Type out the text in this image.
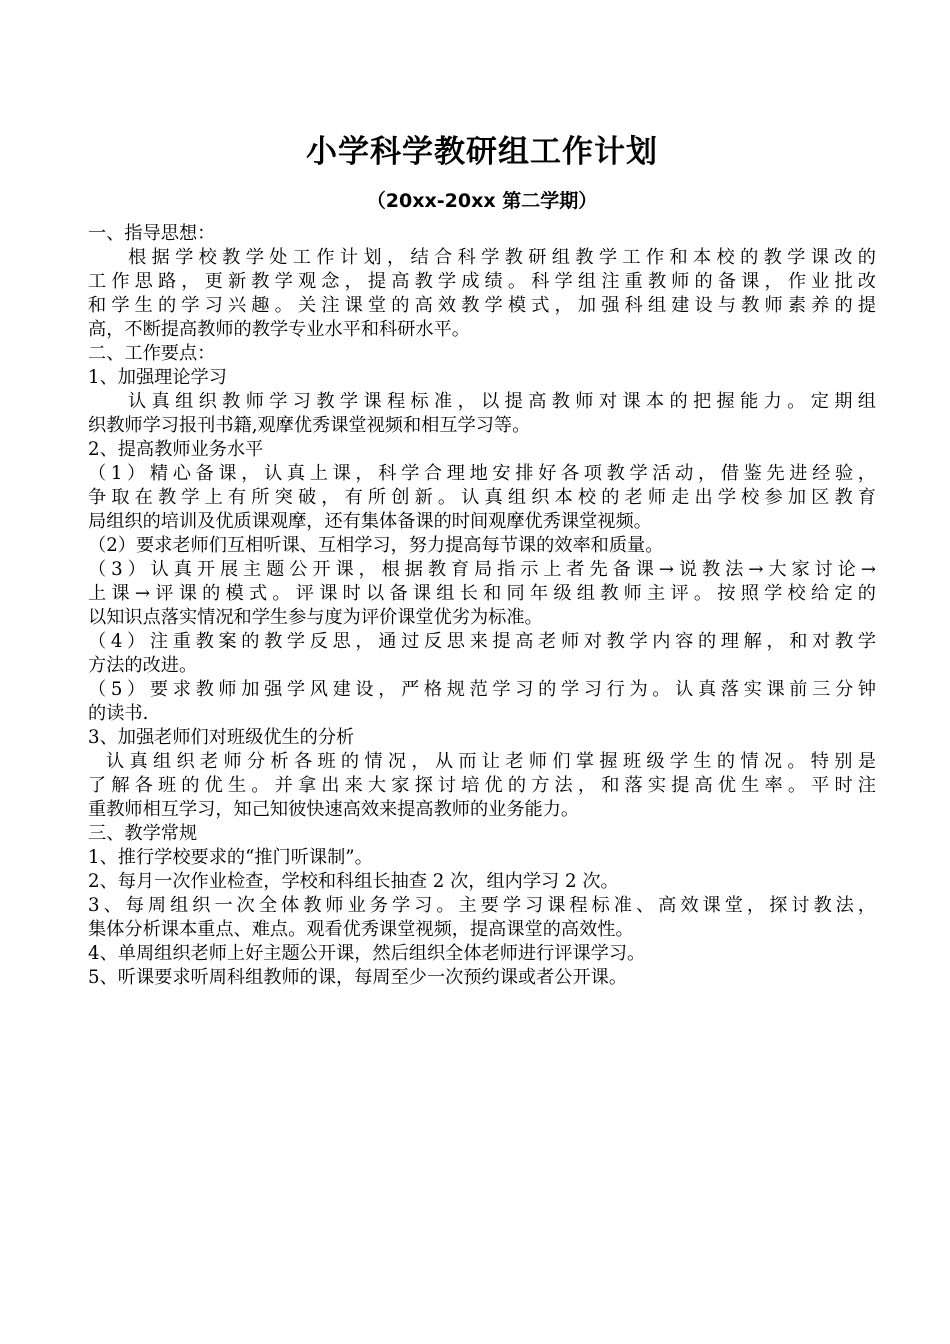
小学科学教研组工作计划
（20xx-20xx 第二学期）
一、指导思想：
根据学校教学处工作计划，结合科学教研组教学工作和本校的教学课改的
工作思路，更新教学观念，提高教学成绩。科学组注重教师的备课，作业批改
和学生的学习兴趣。关注课堂的高效教学模式，加强科组建设与教师素养的提
高，不断提高教师的教学专业水平和科研水平。
二、工作要点：
1、加强理论学习
认真组织教师学习教学课程标准，以提高教师对课本的把握能力。定期组
织教师学习报刊书籍,观摩优秀课堂视频和相互学习等。
2、提高教师业务水平
（1）精心备课，认真上课，科学合理地安排好各项教学活动，借鉴先进经验，
争取在教学上有所突破，有所创新。认真组织本校的老师走出学校参加区教育
局组织的培训及优质课观摩，还有集体备课的时间观摩优秀课堂视频。
（2）要求老师们互相听课、互相学习，努力提高每节课的效率和质量。
（3）认真开展主题公开课，根据教育局指示上者先备课→说教法→大家讨论→
上课→评课的模式。评课时以备课组长和同年级组教师主评。按照学校给定的
以知识点落实情况和学生参与度为评价课堂优劣为标准。
（4）注重教案的教学反思，通过反思来提高老师对教学内容的理解，和对教学
方法的改进。
（5）要求教师加强学风建设，严格规范学习的学习行为。认真落实课前三分钟
的读书.
3、加强老师们对班级优生的分析
认真组织老师分析各班的情况，从而让老师们掌握班级学生的情况。特别是
了解各班的优生。并拿出来大家探讨培优的方法，和落实提高优生率。平时注
重教师相互学习，知己知彼快速高效来提高教师的业务能力。
三、教学常规
1、推行学校要求的“推门听课制”。
2、每月一次作业检查，学校和科组长抽查 2 次，组内学习 2 次。
3、每周组织一次全体教师业务学习。主要学习课程标准、高效课堂，探讨教法，
集体分析课本重点、难点。观看优秀课堂视频，提高课堂的高效性。
4、单周组织老师上好主题公开课，然后组织全体老师进行评课学习。
5、听课要求听周科组教师的课，每周至少一次预约课或者公开课。
